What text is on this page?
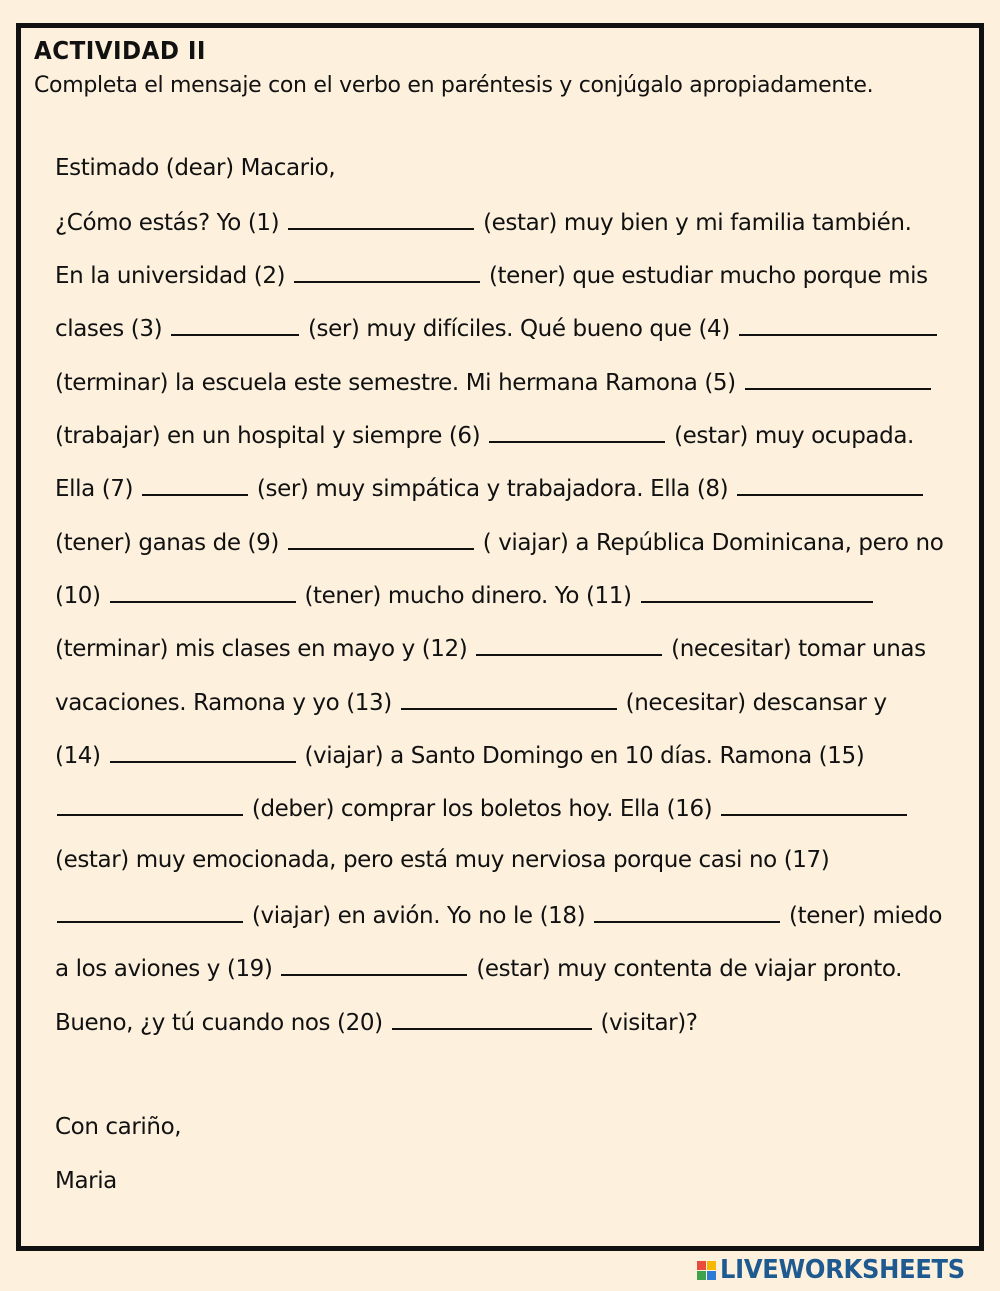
ACTIVIDAD II
Completa el mensaje con el verbo en paréntesis y conjúgalo apropiadamente.
Estimado (dear) Macario,
¿Cómo estás? Yo (1)	(estar) muy bien y mi familia también.
En la universidad (2)	(tener) que estudiar mucho porque mis
clases (3)	(ser) muy difíciles. Qué bueno que (4)
(terminar) la escuela este semestre. Mi hermana Ramona (5)
(trabajar) en un hospital y siempre (6)	(estar) muy ocupada.
Ella (7)	(ser) muy simpática y trabajadora. Ella (8)
(tener) ganas de (9)	( viajar) a República Dominicana, pero no
(10)	(tener) mucho dinero. Yo (11)
(terminar) mis clases en mayo y (12)	(necesitar) tomar unas
vacaciones. Ramona y yo (13)	(necesitar) descansar y
(14)	(viajar) a Santo Domingo en 10 días. Ramona (15)
(deber) comprar los boletos hoy. Ella (16)
(estar) muy emocionada, pero está muy nerviosa porque casi no (17)
(viajar) en avión. Yo no le (18)	(tener) miedo
a los aviones y (19)	(estar) muy contenta de viajar pronto.
Bueno, ¿y tú cuando nos (20)	(visitar)?
Con cariño,
Maria
LIVEWORKSHEETS
